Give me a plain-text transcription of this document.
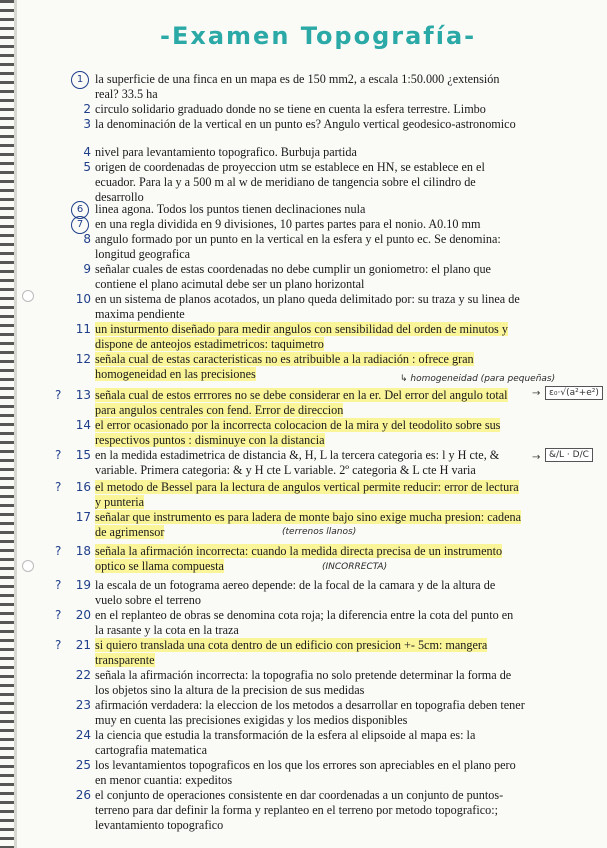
-Examen Topografía-
1 la superficie de una finca en un mapa es de 150 mm2, a escala 1:50.000 ¿extensión real? 33.5 ha
2 circulo solidario graduado donde no se tiene en cuenta la esfera terrestre. Limbo
3 la denominación de la vertical en un punto es? Angulo vertical geodesico-astronomico
4 nivel para levantamiento topografico. Burbuja partida
5 origen de coordenadas de proyeccion utm se establece en HN, se establece en el ecuador. Para la y a 500 m al w de meridiano de tangencia sobre el cilindro de desarrollo
6 linea agona. Todos los puntos tienen declinaciones nula
7 en una regla dividida en 9 divisiones, 10 partes partes para el nonio. A0.10 mm
8 angulo formado por un punto en la vertical en la esfera y el punto ec. Se denomina: longitud geografica
9 señalar cuales de estas coordenadas no debe cumplir un goniometro: el plano que contiene el plano acimutal debe ser un plano horizontal
10 en un sistema de planos acotados, un plano queda delimitado por: su traza y su linea de maxima pendiente
11 un insturmento diseñado para medir angulos con sensibilidad del orden de minutos y dispone de anteojos estadimetricos: taquimetro
12 señala cual de estas caracteristicas no es atribuible a la radiación : ofrece gran homogeneidad en las precisiones	↳ homogeneidad (para pequeñas)
?	13 señala cual de estos errrores no se debe considerar en la er. Del error del angulo total para angulos centrales con fend. Error de direccion
→ ε₀·√(a²+e²)
14 el error ocasionado por la incorrecta colocacion de la mira y del teodolito sobre sus respectivos puntos : disminuye con la distancia
?	15 en la medida estadimetrica de distancia &, H, L la tercera categoria es: l y H cte, & variable. Primera categoria: & y H cte L variable. 2º categoria & L cte H varia
→ &/L · D/C
?	16 el metodo de Bessel para la lectura de angulos vertical permite reducir: error de lectura y punteria
17 señalar que instrumento es para ladera de monte bajo sino exige mucha presion: cadena de agrimensor	(terrenos llanos)
?	18 señala la afirmación incorrecta: cuando la medida directa precisa de un instrumento optico se llama compuesta	(INCORRECTA)
?	19 la escala de un fotograma aereo depende: de la focal de la camara y de la altura de vuelo sobre el terreno
?	20 en el replanteo de obras se denomina cota roja; la diferencia entre la cota del punto en la rasante y la cota en la traza
?	21 si quiero translada una cota dentro de un edificio con presicion +- 5cm: mangera transparente
22 señala la afirmación incorrecta: la topografia no solo pretende determinar la forma de los objetos sino la altura de la precision de sus medidas
23 afirmación verdadera: la eleccion de los metodos a desarrollar en topografia deben tener muy en cuenta las precisiones exigidas y los medios disponibles
24 la ciencia que estudia la transformación de la esfera al elipsoide al mapa es: la cartografia matematica
25 los levantamientos topograficos en los que los errores son apreciables en el plano pero en menor cuantia: expeditos
26 el conjunto de operaciones consistente en dar coordenadas a un conjunto de puntos- terreno para dar definir la forma y replanteo en el terreno por metodo topografico:; levantamiento topografico
